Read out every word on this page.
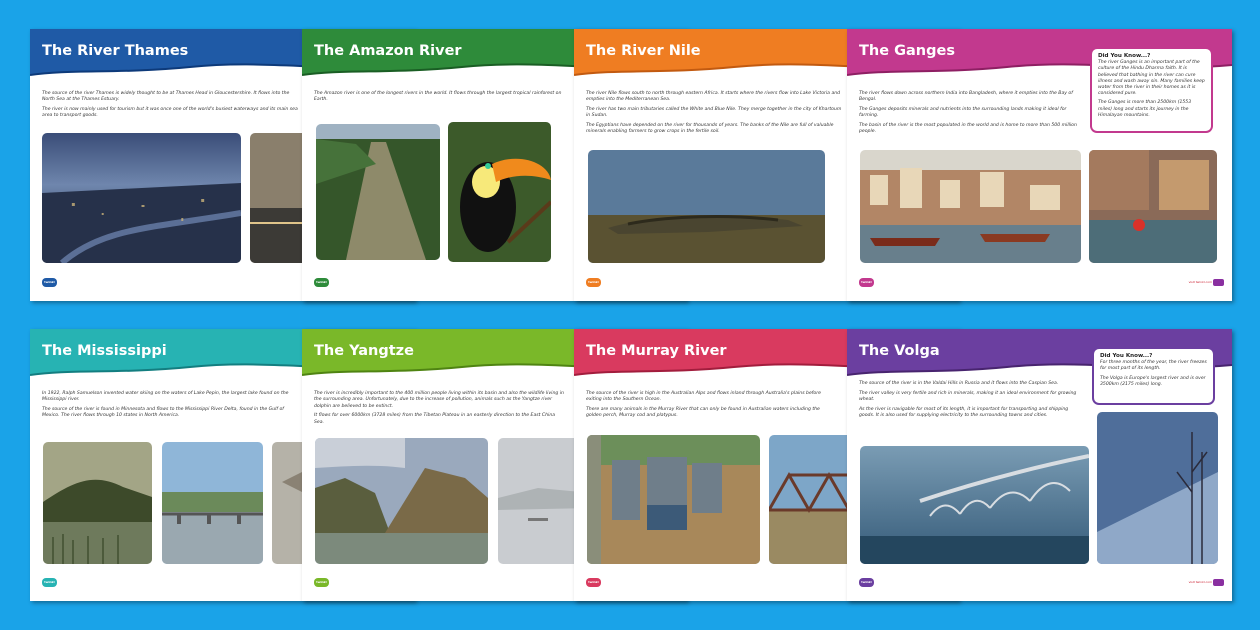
The River Thames

The source of the river Thames is widely thought to be at Thames Head in Gloucestershire. It flows into the North Sea at the Thames Estuary.

The river is now mainly used for tourism but it was once one of the world's busiest waterways and its main sea area to transport goods.

twinkl
The Amazon River

The Amazon river is one of the longest rivers in the world. It flows through the largest tropical rainforest on Earth.

twinkl
The River Nile

The river Nile flows south to north through eastern Africa. It starts where the rivers flow into Lake Victoria and empties into the Mediterranean Sea.

The river has two main tributaries called the White and Blue Nile. They merge together in the city of Khartoum in Sudan.

The Egyptians have depended on the river for thousands of years. The banks of the Nile are full of valuable minerals enabling farmers to grow crops in the fertile soil.

twinkl
The Ganges

The river flows down across northern India into Bangladesh, where it empties into the Bay of Bengal.

The Ganges deposits minerals and nutrients into the surrounding lands making it ideal for farming.

The basin of the river is the most populated in the world and is home to more than 500 million people.

Did You Know...?

The river Ganges is an important part of the culture of the Hindu Dharma faith. It is believed that bathing in the river can cure illness and wash away sin. Many families keep water from the river in their homes as it is considered pure.

The Ganges is more than 2500km (1553 miles) long and starts its journey in the Himalayan mountains.

twinkl	visit twinkl.com
The Mississippi

In 1922, Ralph Samuelson invented water skiing on the waters of Lake Pepin, the largest lake found on the Mississippi river.

The source of the river is found in Minnesota and flows to the Mississippi River Delta, found in the Gulf of Mexico. The river flows through 10 states in North America.

twinkl
The Yangtze

The river is incredibly important to the 400 million people living within its basin and also the wildlife living in the surrounding area. Unfortunately, due to the increase of pollution, animals such as the Yangtze river dolphin are believed to be extinct.

It flows for over 6000km (3728 miles) from the Tibetan Plateau in an easterly direction to the East China Sea.

twinkl
The Murray River

The source of the river is high in the Australian Alps and flows inland through Australia's plains before exiting into the Southern Ocean.

There are many animals in the Murray River that can only be found in Australian waters including the golden perch, Murray cod and platypus.

twinkl
The Volga

The source of the river is in the Valdai Hills in Russia and it flows into the Caspian Sea.

The river valley is very fertile and rich in minerals, making it an ideal environment for growing wheat.

As the river is navigable for most of its length, it is important for transporting and shipping goods. It is also used for supplying electricity to the surrounding towns and cities.

Did You Know...?

For three months of the year, the river freezes for most part of its length.

The Volga is Europe's largest river and is over 3500km (2175 miles) long.

twinkl	visit twinkl.com
